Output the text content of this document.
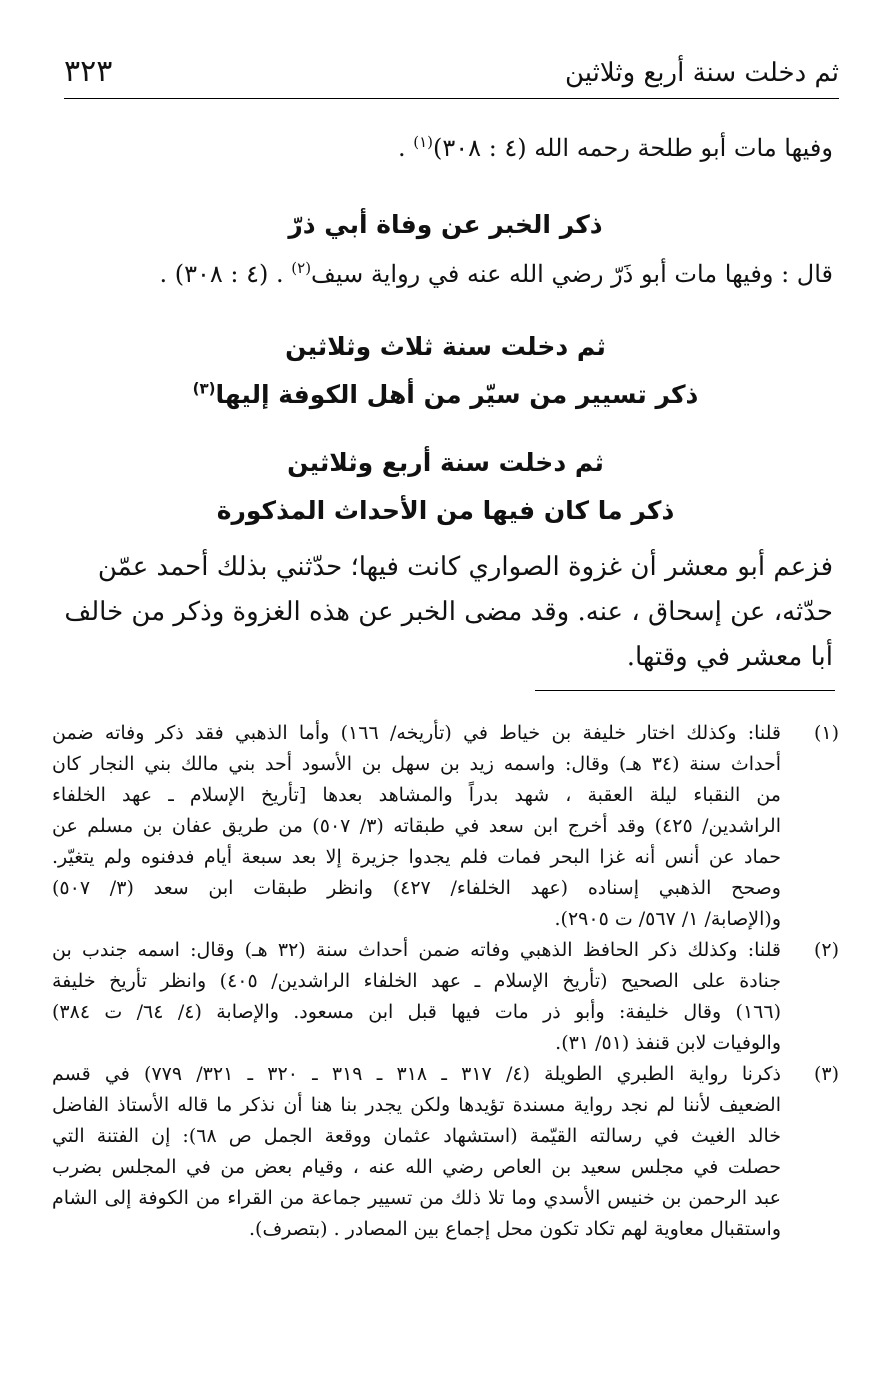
ثم دخلت سنة أربع وثلاثين
٣٢٣
وفيها مات أبو طلحة رحمه الله (٤ : ٣٠٨)$^{(١)}$ .
ذكر الخبر عن وفاة أبي ذرّ
قال : وفيها مات أبو ذَرّ رضي الله عنه في رواية سيف$^{(٢)}$ . (٤ : ٣٠٨) .
ثم دخلت سنة ثلاث وثلاثين
ذكر تسيير من سيّر من أهل الكوفة إليها$^{(٣)}$
ثم دخلت سنة أربع وثلاثين
ذكر ما كان فيها من الأحداث المذكورة
فزعم أبو معشر أن غزوة الصواري كانت فيها؛ حدّثني بذلك أحمد عمّن
حدّثه، عن إسحاق ، عنه. وقد مضى الخبر عن هذه الغزوة وذكر من خالف
أبا معشر في وقتها.
(١)
قلنا: وكذلك اختار خليفة بن خياط في (تأريخه/ ١٦٦) وأما الذهبي فقد ذكر وفاته ضمن
أحداث سنة (٣٤ هـ) وقال: واسمه زيد بن سهل بن الأسود أحد بني مالك بني النجار كان
من النقباء ليلة العقبة ، شهد بدراً والمشاهد بعدها [تأريخ الإسلام ـ عهد الخلفاء
الراشدين/ ٤٢٥) وقد أخرج ابن سعد في طبقاته (٣/ ٥٠٧) من طريق عفان بن مسلم عن
حماد عن أنس أنه غزا البحر فمات فلم يجدوا جزيرة إلا بعد سبعة أيام فدفنوه ولم يتغيّر.
وصحح الذهبي إسناده (عهد الخلفاء/ ٤٢٧) وانظر طبقات ابن سعد (٣/ ٥٠٧)
و(الإصابة/ ١/ ٥٦٧/ ت ٢٩٠٥).
(٢)
قلنا: وكذلك ذكر الحافظ الذهبي وفاته ضمن أحداث سنة (٣٢ هـ) وقال: اسمه جندب بن
جنادة على الصحيح (تأريخ الإسلام ـ عهد الخلفاء الراشدين/ ٤٠٥) وانظر تأريخ خليفة
(١٦٦) وقال خليفة: وأبو ذر مات فيها قبل ابن مسعود. والإصابة (٤/ ٦٤/ ت ٣٨٤)
والوفيات لابن قنفذ (٥١/ ٣١).
(٣)
ذكرنا رواية الطبري الطويلة (٤/ ٣١٧ ـ ٣١٨ ـ ٣١٩ ـ ٣٢٠ ـ ٣٢١/ ٧٧٩) في قسم
الضعيف لأننا لم نجد رواية مسندة تؤيدها ولكن يجدر بنا هنا أن نذكر ما قاله الأستاذ الفاضل
خالد الغيث في رسالته القيّمة (استشهاد عثمان ووقعة الجمل ص ٦٨): إن الفتنة التي
حصلت في مجلس سعيد بن العاص رضي الله عنه ، وقيام بعض من في المجلس بضرب
عبد الرحمن بن خنيس الأسدي وما تلا ذلك من تسيير جماعة من القراء من الكوفة إلى الشام
واستقبال معاوية لهم تكاد تكون محل إجماع بين المصادر . (بتصرف).
